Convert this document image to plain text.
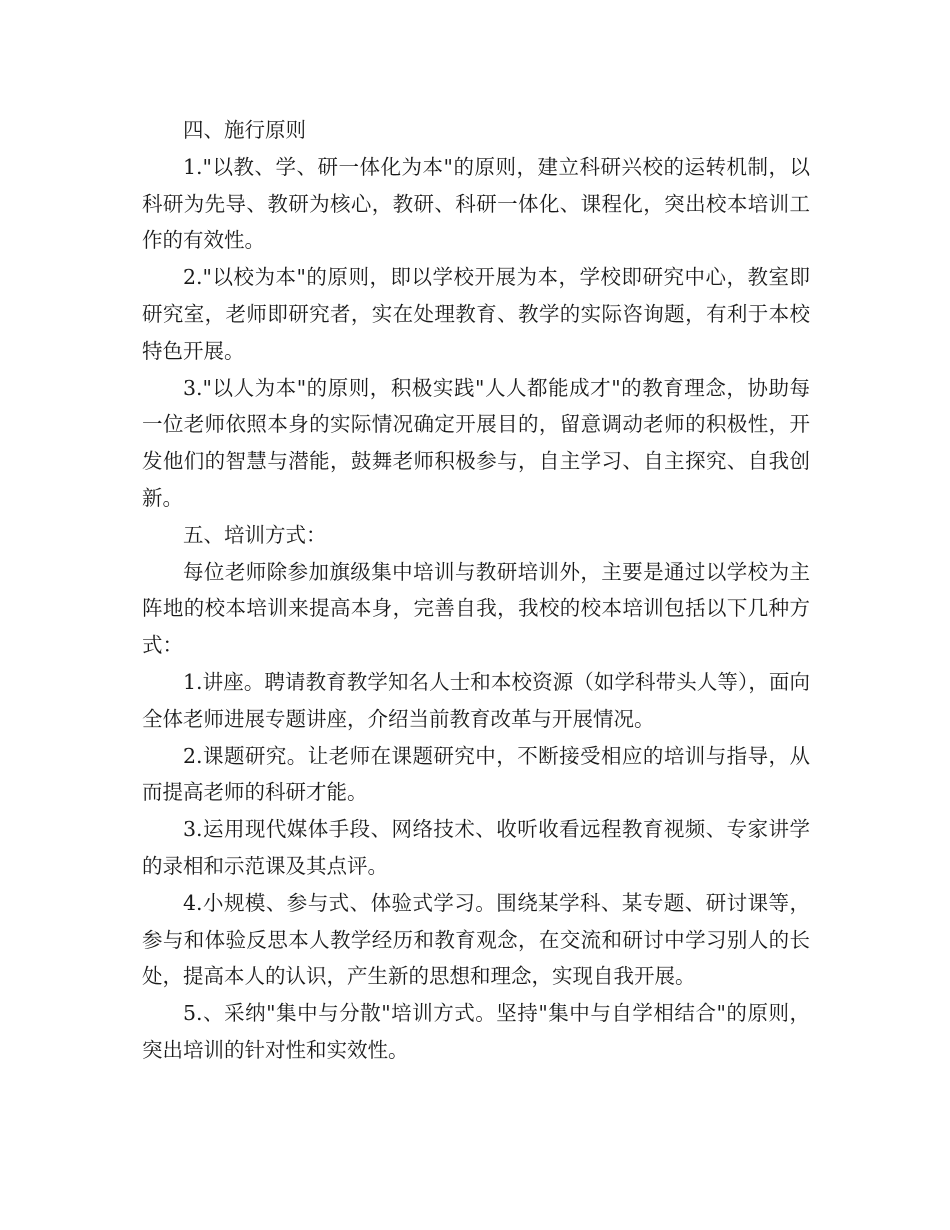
四、施行原则

1."以教、学、研一体化为本"的原则，建立科研兴校的运转机制，以科研为先导、教研为核心，教研、科研一体化、课程化，突出校本培训工作的有效性。

2."以校为本"的原则，即以学校开展为本，学校即研究中心，教室即研究室，老师即研究者，实在处理教育、教学的实际咨询题，有利于本校特色开展。

3."以人为本"的原则，积极实践"人人都能成才"的教育理念，协助每一位老师依照本身的实际情况确定开展目的，留意调动老师的积极性，开发他们的智慧与潜能，鼓舞老师积极参与，自主学习、自主探究、自我创新。

五、培训方式：

每位老师除参加旗级集中培训与教研培训外，主要是通过以学校为主阵地的校本培训来提高本身，完善自我，我校的校本培训包括以下几种方式：

1.讲座。聘请教育教学知名人士和本校资源（如学科带头人等），面向全体老师进展专题讲座，介绍当前教育改革与开展情况。

2.课题研究。让老师在课题研究中，不断接受相应的培训与指导，从而提高老师的科研才能。

3.运用现代媒体手段、网络技术、收听收看远程教育视频、专家讲学的录相和示范课及其点评。

4.小规模、参与式、体验式学习。围绕某学科、某专题、研讨课等，参与和体验反思本人教学经历和教育观念，在交流和研讨中学习别人的长处，提高本人的认识，产生新的思想和理念，实现自我开展。

5.、采纳"集中与分散"培训方式。坚持"集中与自学相结合"的原则，突出培训的针对性和实效性。
